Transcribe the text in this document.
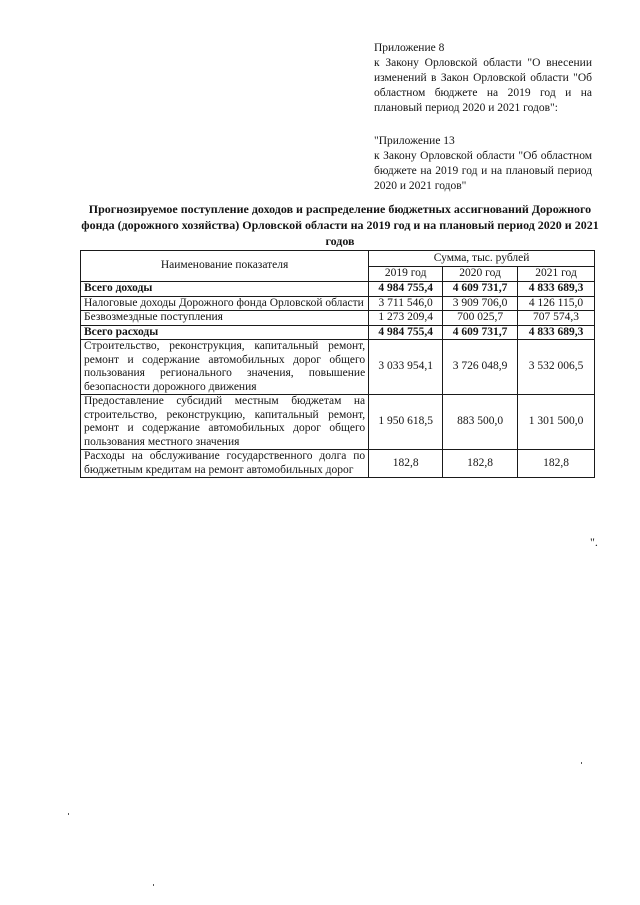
Приложение 8

к Закону Орловской области "О внесении изменений в Закон Орловской области "Об областном бюджете на 2019 год и на плановый период 2020 и 2021 годов":

"Приложение 13

к Закону Орловской области "Об областном бюджете на 2019 год и на плановый период 2020 и 2021 годов"

Прогнозируемое поступление доходов и распределение бюджетных ассигнований Дорожного фонда (дорожного хозяйства) Орловской области на 2019 год и на плановый период 2020 и 2021 годов
Наименование показателя	Сумма, тыс. рублей		
	2019 год	2020 год	2021 год
Всего доходы	4 984 755,4	4 609 731,7	4 833 689,3
Налоговые доходы Дорожного фонда Орловской области	3 711 546,0	3 909 706,0	4 126 115,0
Безвозмездные поступления	1 273 209,4	700 025,7	707 574,3
Всего расходы	4 984 755,4	4 609 731,7	4 833 689,3
Строительство, реконструкция, капитальный ремонт, ремонт и содержание автомобильных дорог общего пользования регионального значения, повышение безопасности дорожного движения	3 033 954,1	3 726 048,9	3 532 006,5
Предоставление субсидий местным бюджетам на строительство, реконструкцию, капитальный ремонт, ремонт и содержание автомобильных дорог общего пользования местного значения	1 950 618,5	883 500,0	1 301 500,0
Расходы на обслуживание государственного долга по бюджетным кредитам на ремонт автомобильных дорог	182,8	182,8	182,8
".
